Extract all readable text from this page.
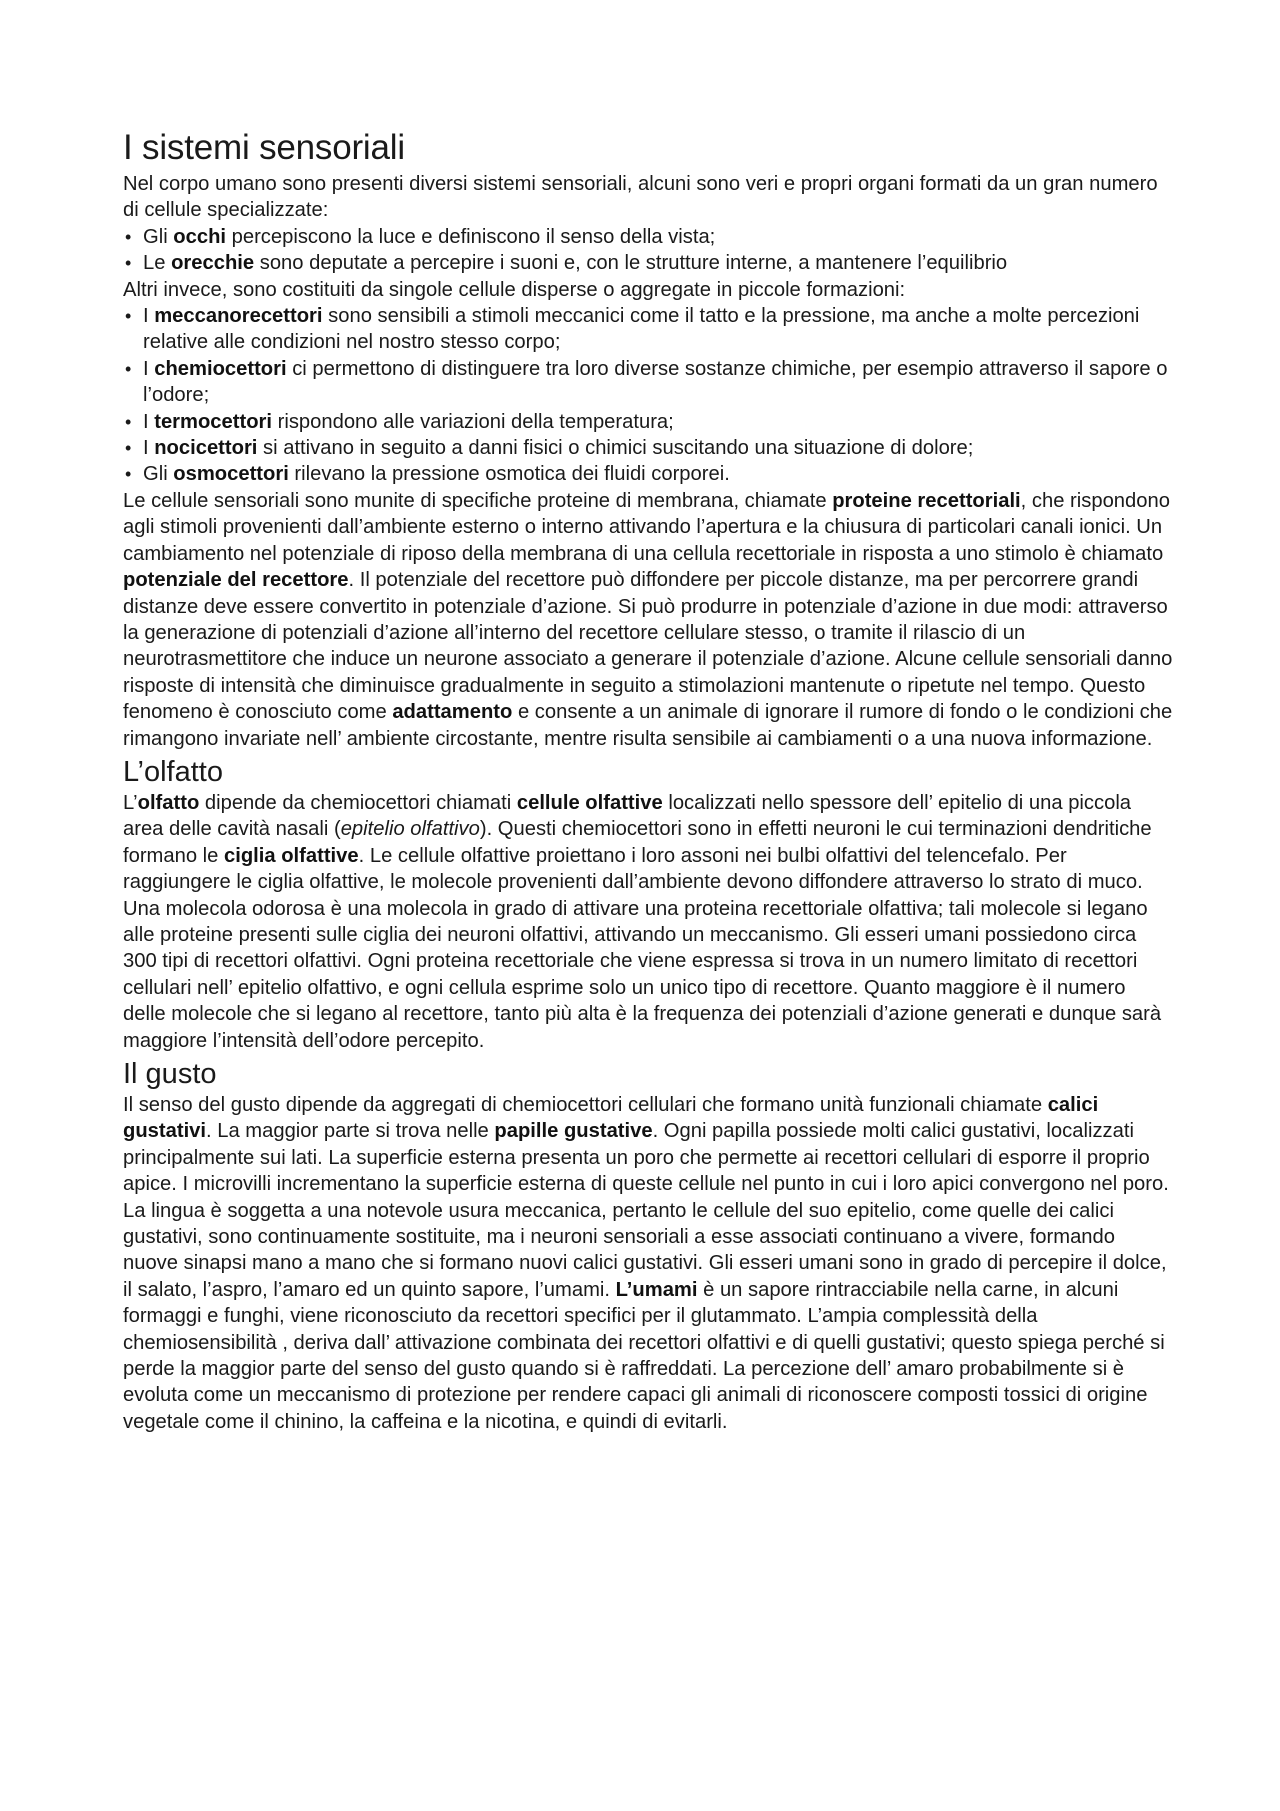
I sistemi sensoriali

Nel corpo umano sono presenti diversi sistemi sensoriali, alcuni sono veri e propri organi formati da un gran numero di cellule specializzate:

• Gli occhi percepiscono la luce e definiscono il senso della vista;
• Le orecchie sono deputate a percepire i suoni e, con le strutture interne, a mantenere l’equilibrio

Altri invece, sono costituiti da singole cellule disperse o aggregate in piccole formazioni:

• I meccanorecettori sono sensibili a stimoli meccanici come il tatto e la pressione, ma anche a molte percezioni relative alle condizioni nel nostro stesso corpo;
• I chemiocettori ci permettono di distinguere tra loro diverse sostanze chimiche, per esempio attraverso il sapore o l’odore;
• I termocettori rispondono alle variazioni della temperatura;
• I nocicettori si attivano in seguito a danni fisici o chimici suscitando una situazione di dolore;
• Gli osmocettori rilevano la pressione osmotica dei fluidi corporei.

Le cellule sensoriali sono munite di specifiche proteine di membrana, chiamate proteine recettoriali, che rispondono agli stimoli provenienti dall’ambiente esterno o interno attivando l’apertura e la chiusura di particolari canali ionici. Un cambiamento nel potenziale di riposo della membrana di una cellula recettoriale in risposta a uno stimolo è chiamato potenziale del recettore. Il potenziale del recettore può diffondere per piccole distanze, ma per percorrere grandi distanze deve essere convertito in potenziale d’azione. Si può produrre in potenziale d’azione in due modi: attraverso la generazione di potenziali d’azione all’interno del recettore cellulare stesso, o tramite il rilascio di un neurotrasmettitore che induce un neurone associato a generare il potenziale d’azione. Alcune cellule sensoriali danno risposte di intensità che diminuisce gradualmente in seguito a stimolazioni mantenute o ripetute nel tempo. Questo fenomeno è conosciuto come adattamento e consente a un animale di ignorare il rumore di fondo o le condizioni che rimangono invariate nell’ ambiente circostante, mentre risulta sensibile ai cambiamenti o a una nuova informazione.

L’olfatto

L’olfatto dipende da chemiocettori chiamati cellule olfattive localizzati nello spessore dell’ epitelio di una piccola area delle cavità nasali (epitelio olfattivo). Questi chemiocettori sono in effetti neuroni le cui terminazioni dendritiche formano le ciglia olfattive. Le cellule olfattive proiettano i loro assoni nei bulbi olfattivi del telencefalo. Per raggiungere le ciglia olfattive, le molecole provenienti dall’ambiente devono diffondere attraverso lo strato di muco. Una molecola odorosa è una molecola in grado di attivare una proteina recettoriale olfattiva; tali molecole si legano alle proteine presenti sulle ciglia dei neuroni olfattivi, attivando un meccanismo. Gli esseri umani possiedono circa 300 tipi di recettori olfattivi. Ogni proteina recettoriale che viene espressa si trova in un numero limitato di recettori cellulari nell’ epitelio olfattivo, e ogni cellula esprime solo un unico tipo di recettore. Quanto maggiore è il numero delle molecole che si legano al recettore, tanto più alta è la frequenza dei potenziali d’azione generati e dunque sarà maggiore l’intensità dell’odore percepito.

Il gusto

Il senso del gusto dipende da aggregati di chemiocettori cellulari che formano unità funzionali chiamate calici gustativi. La maggior parte si trova nelle papille gustative. Ogni papilla possiede molti calici gustativi, localizzati principalmente sui lati. La superficie esterna presenta un poro che permette ai recettori cellulari di esporre il proprio apice. I microvilli incrementano la superficie esterna di queste cellule nel punto in cui i loro apici convergono nel poro. La lingua è soggetta a una notevole usura meccanica, pertanto le cellule del suo epitelio, come quelle dei calici gustativi, sono continuamente sostituite, ma i neuroni sensoriali a esse associati continuano a vivere, formando nuove sinapsi mano a mano che si formano nuovi calici gustativi. Gli esseri umani sono in grado di percepire il dolce, il salato, l’aspro, l’amaro ed un quinto sapore, l’umami. L’umami è un sapore rintracciabile nella carne, in alcuni formaggi e funghi, viene riconosciuto da recettori specifici per il glutammato. L’ampia complessità della chemiosensibilità , deriva dall’ attivazione combinata dei recettori olfattivi e di quelli gustativi; questo spiega perché si perde la maggior parte del senso del gusto quando si è raffreddati. La percezione dell’ amaro probabilmente si è evoluta come un meccanismo di protezione per rendere capaci gli animali di riconoscere composti tossici di origine vegetale come il chinino, la caffeina e la nicotina, e quindi di evitarli.
